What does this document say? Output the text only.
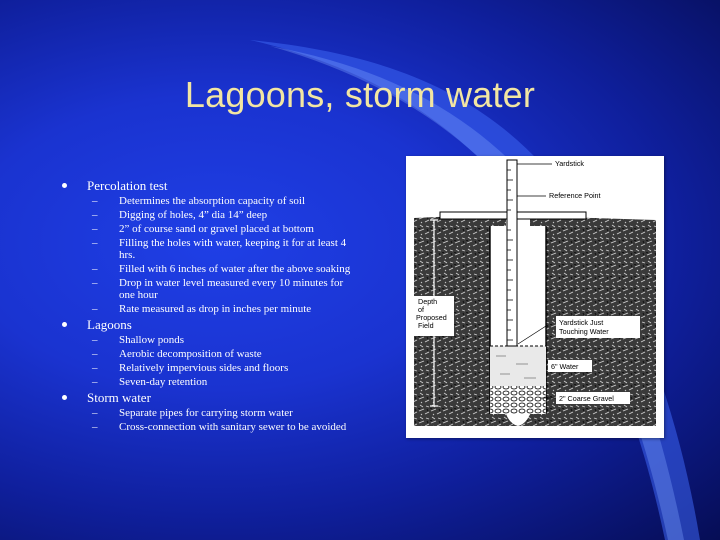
Lagoons, storm water
Percolation test
– Determines the absorption capacity of soil
– Digging of holes, 4” dia 14” deep
– 2” of course sand or gravel placed at bottom
– Filling the holes with water, keeping it for at least 4 hrs.
– Filled with 6 inches of water after the above soaking
– Drop in water level measured every 10 minutes for one hour
– Rate measured as drop in inches per minute
Lagoons
– Shallow ponds
– Aerobic decomposition of waste
– Relatively impervious sides and floors
– Seven-day retention
Storm water
– Separate pipes for carrying storm water
– Cross-connection with sanitary sewer to be avoided
Yardstick
Reference Point
Depth
of
Proposed
Field	Yardstick Just
Touching Water
6" Water
2" Coarse Gravel
